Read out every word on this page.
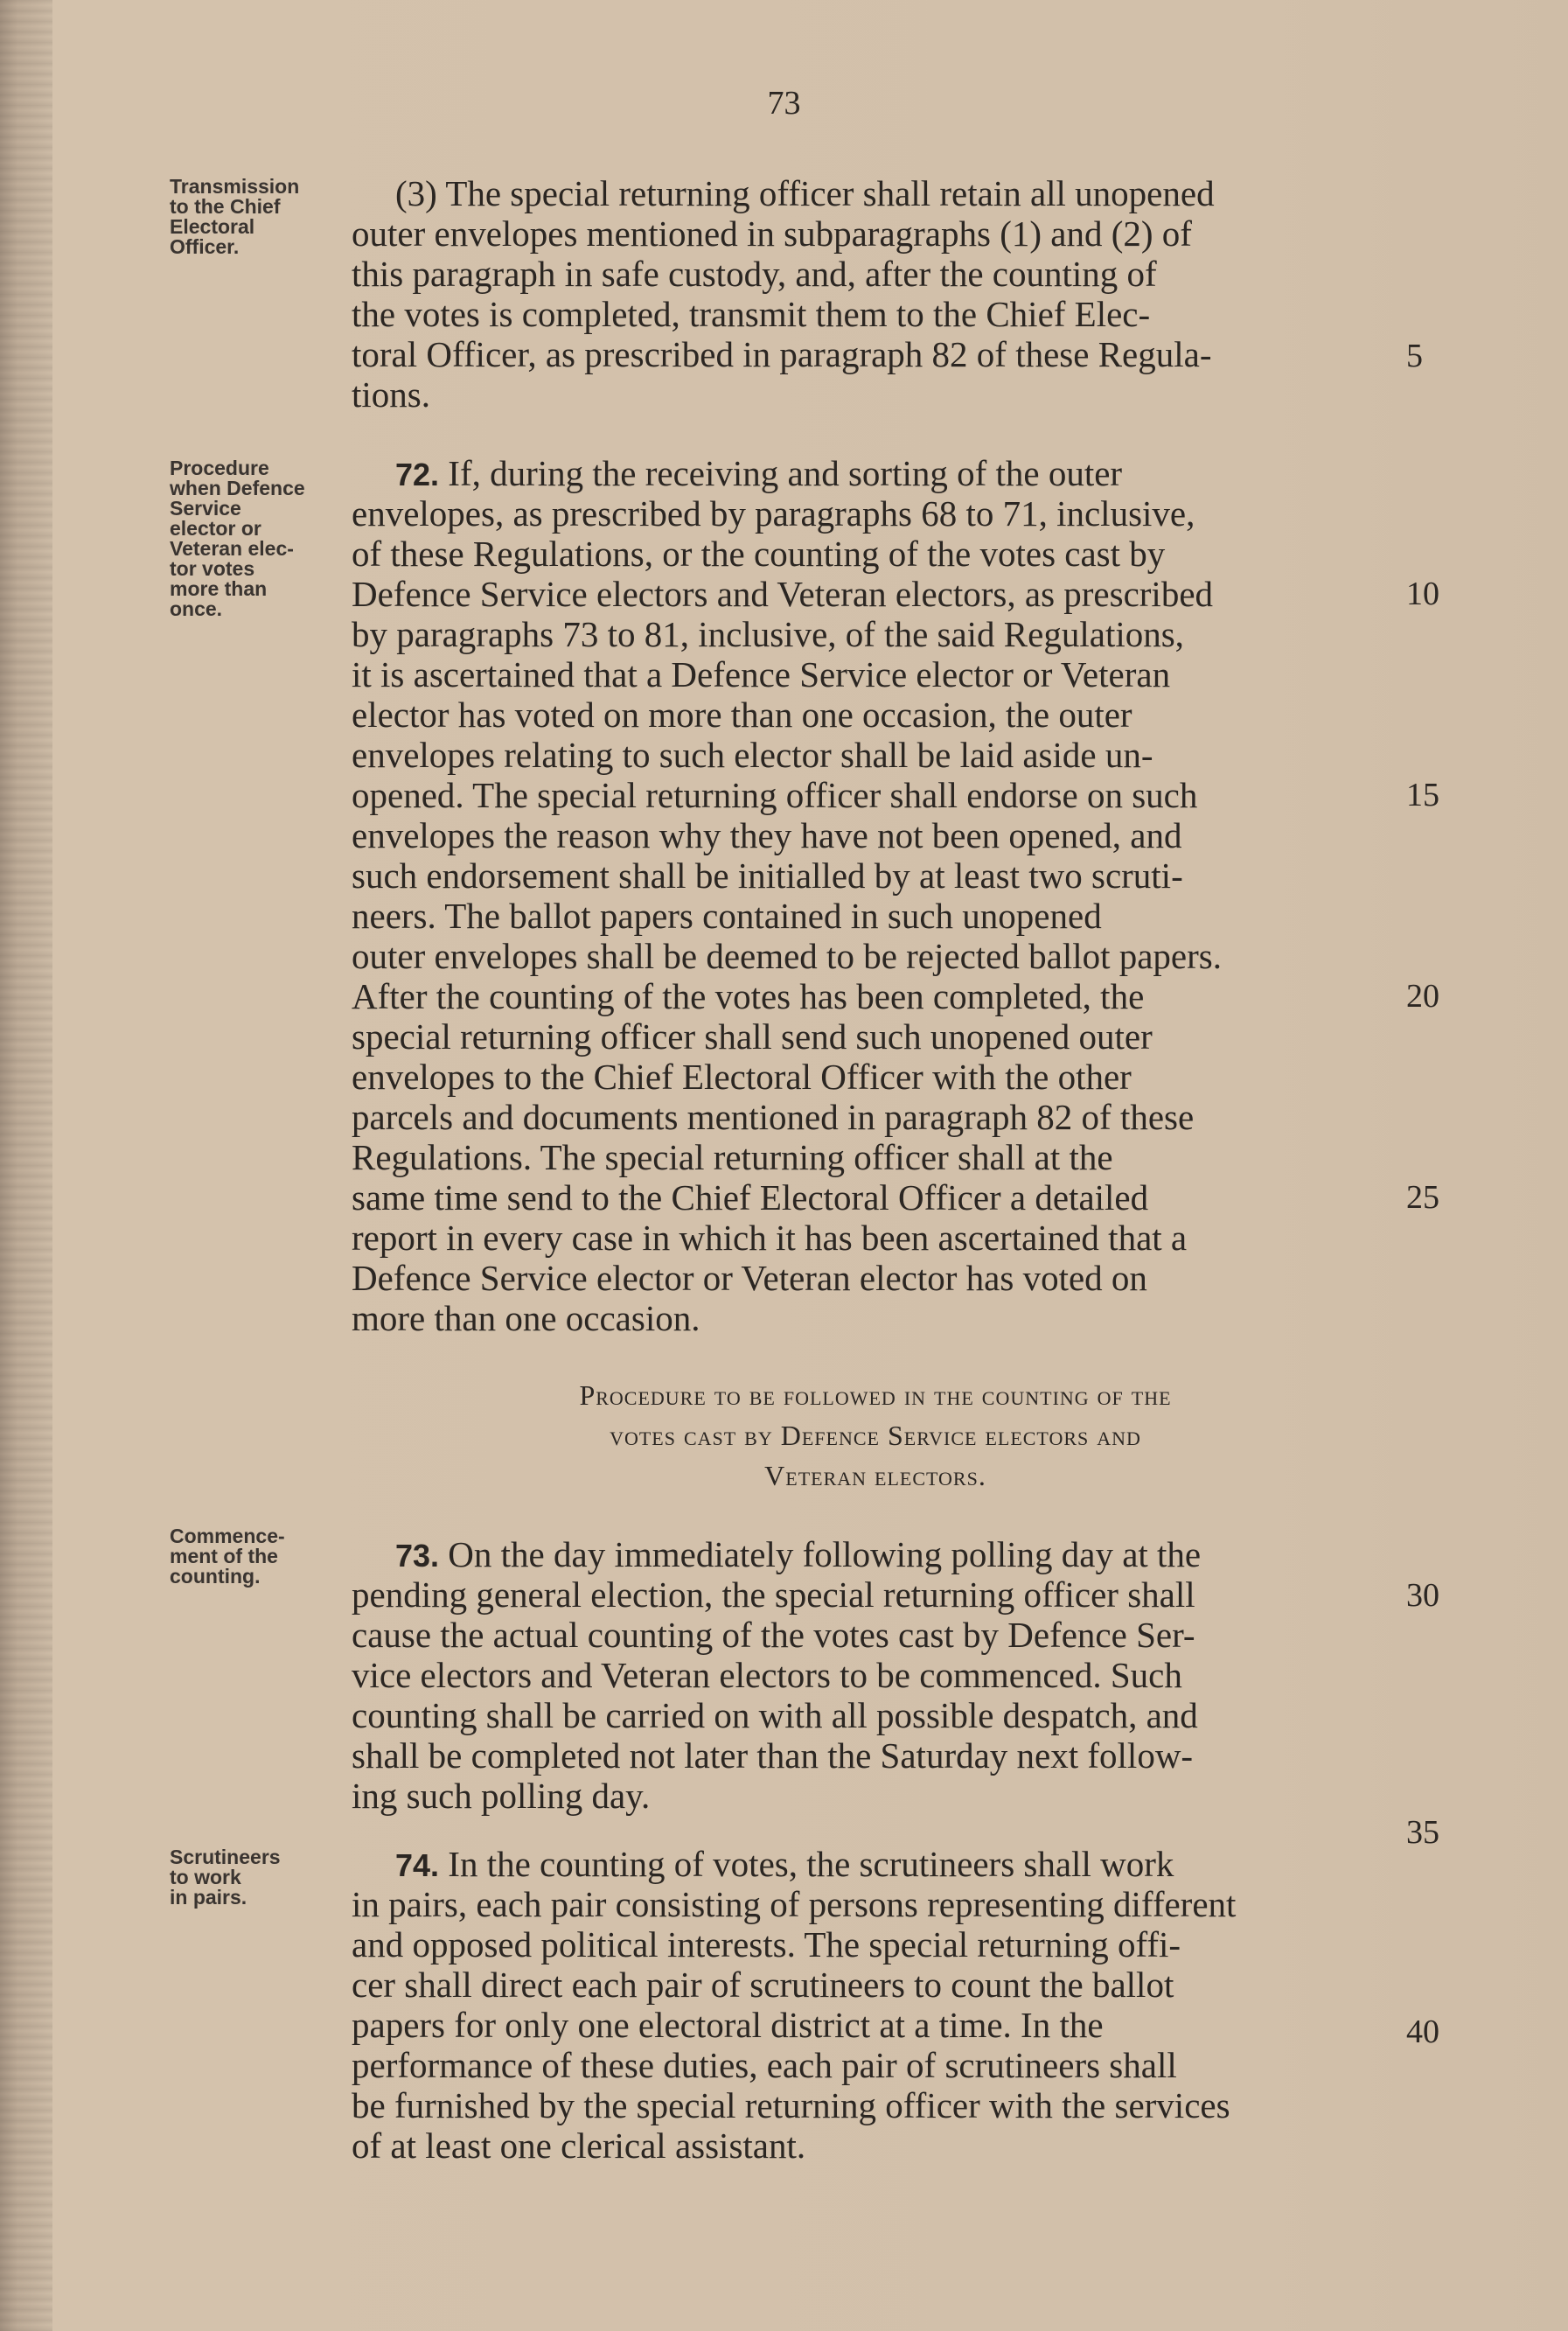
73
Transmission
to the Chief
Electoral
Officer.
Procedure
when Defence
Service
elector or
Veteran elec-
tor votes
more than
once.
Commence-
ment of the
counting.
Scrutineers
to work
in pairs.
(3) The special returning officer shall retain all unopened
outer envelopes mentioned in subparagraphs (1) and (2) of
this paragraph in safe custody, and, after the counting of
the votes is completed, transmit them to the Chief Elec-
toral Officer, as prescribed in paragraph 82 of these Regula-
tions.
72. If, during the receiving and sorting of the outer
envelopes, as prescribed by paragraphs 68 to 71, inclusive,
of these Regulations, or the counting of the votes cast by
Defence Service electors and Veteran electors, as prescribed
by paragraphs 73 to 81, inclusive, of the said Regulations,
it is ascertained that a Defence Service elector or Veteran
elector has voted on more than one occasion, the outer
envelopes relating to such elector shall be laid aside un-
opened. The special returning officer shall endorse on such
envelopes the reason why they have not been opened, and
such endorsement shall be initialled by at least two scruti-
neers. The ballot papers contained in such unopened
outer envelopes shall be deemed to be rejected ballot papers.
After the counting of the votes has been completed, the
special returning officer shall send such unopened outer
envelopes to the Chief Electoral Officer with the other
parcels and documents mentioned in paragraph 82 of these
Regulations. The special returning officer shall at the
same time send to the Chief Electoral Officer a detailed
report in every case in which it has been ascertained that a
Defence Service elector or Veteran elector has voted on
more than one occasion.
Procedure to be followed in the counting of the
votes cast by Defence Service electors and
Veteran electors.
73. On the day immediately following polling day at the
pending general election, the special returning officer shall
cause the actual counting of the votes cast by Defence Ser-
vice electors and Veteran electors to be commenced. Such
counting shall be carried on with all possible despatch, and
shall be completed not later than the Saturday next follow-
ing such polling day.
74. In the counting of votes, the scrutineers shall work
in pairs, each pair consisting of persons representing different
and opposed political interests. The special returning offi-
cer shall direct each pair of scrutineers to count the ballot
papers for only one electoral district at a time. In the
performance of these duties, each pair of scrutineers shall
be furnished by the special returning officer with the services
of at least one clerical assistant.
5
10
15
20
25
30
35
40
